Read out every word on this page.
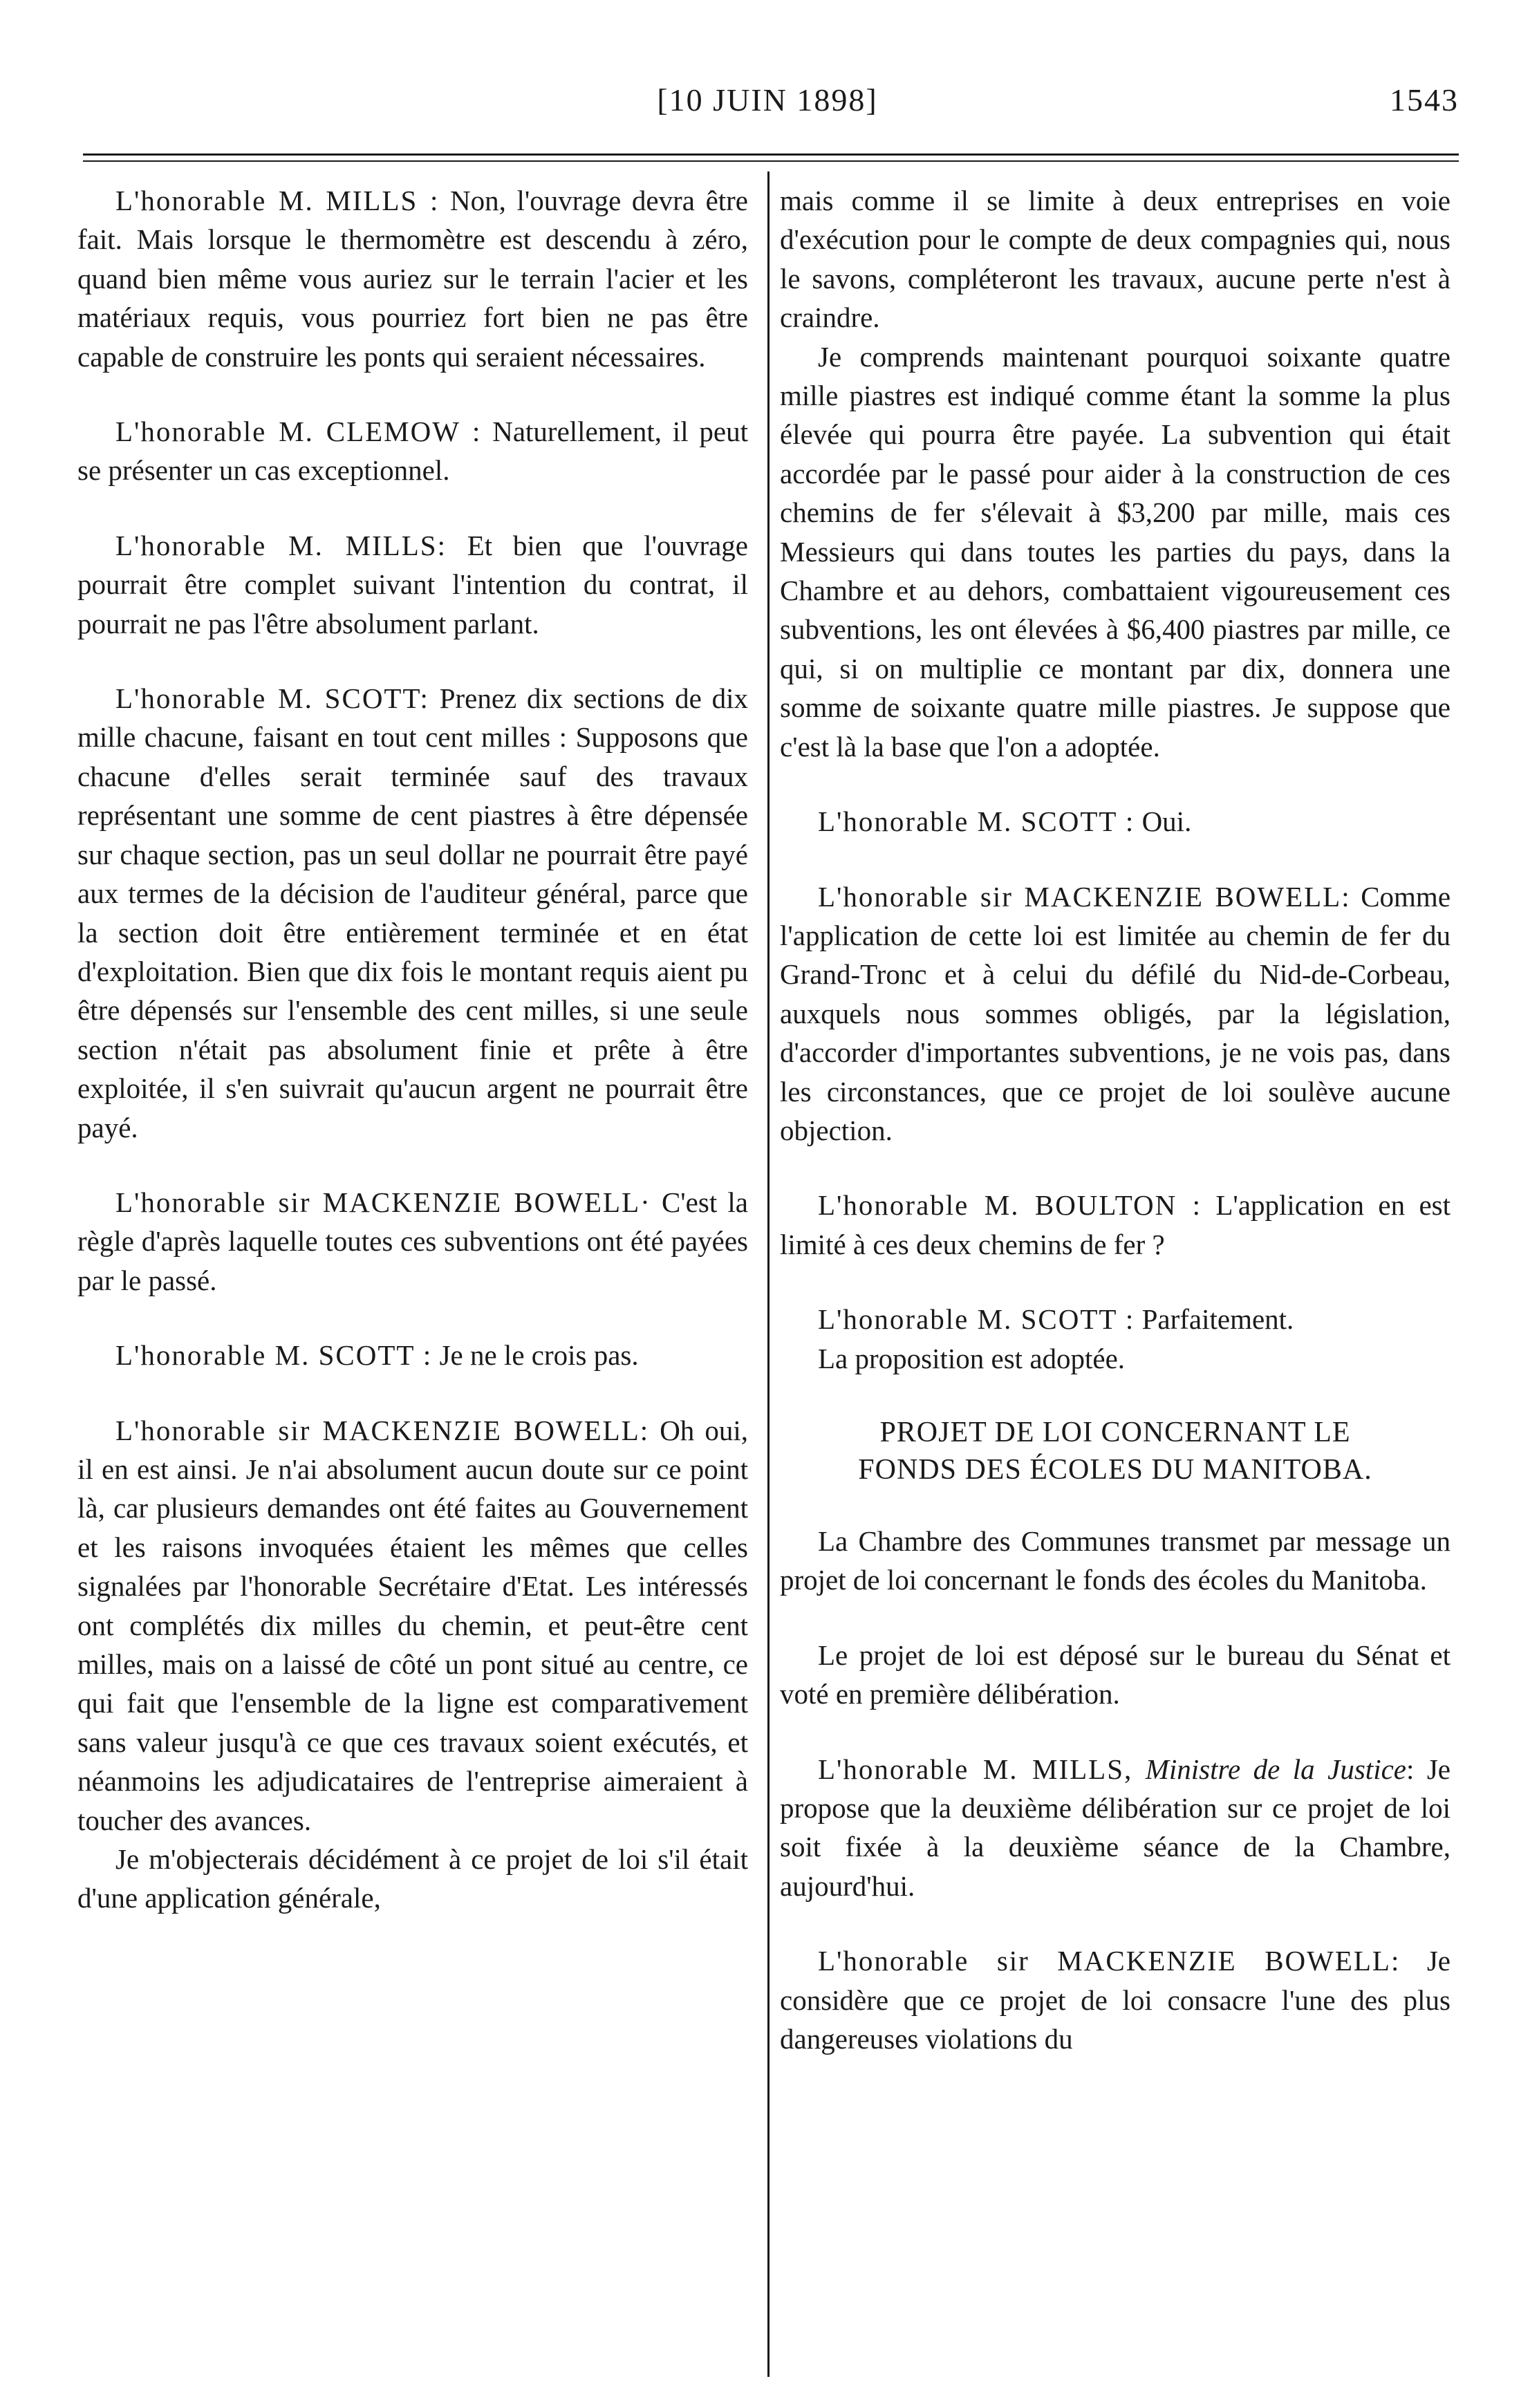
[10 JUIN 1898]	1543

L'honorable M. MILLS : Non, l'ouvrage devra être fait. Mais lorsque le thermomètre est descendu à zéro, quand bien même vous auriez sur le terrain l'acier et les matériaux requis, vous pourriez fort bien ne pas être capable de construire les ponts qui seraient nécessaires.

L'honorable M. CLEMOW : Naturellement, il peut se présenter un cas exceptionnel.

L'honorable M. MILLS: Et bien que l'ouvrage pourrait être complet suivant l'intention du contrat, il pourrait ne pas l'être absolument parlant.

L'honorable M. SCOTT: Prenez dix sections de dix mille chacune, faisant en tout cent milles : Supposons que chacune d'elles serait terminée sauf des travaux représentant une somme de cent piastres à être dépensée sur chaque section, pas un seul dollar ne pourrait être payé aux termes de la décision de l'auditeur général, parce que la section doit être entièrement terminée et en état d'exploitation. Bien que dix fois le montant requis aient pu être dépensés sur l'ensemble des cent milles, si une seule section n'était pas absolument finie et prête à être exploitée, il s'en suivrait qu'aucun argent ne pourrait être payé.

L'honorable sir MACKENZIE BOWELL· C'est la règle d'après laquelle toutes ces subventions ont été payées par le passé.

L'honorable M. SCOTT : Je ne le crois pas.

L'honorable sir MACKENZIE BOWELL: Oh oui, il en est ainsi. Je n'ai absolument aucun doute sur ce point là, car plusieurs demandes ont été faites au Gouvernement et les raisons invoquées étaient les mêmes que celles signalées par l'honorable Secrétaire d'Etat. Les intéressés ont complétés dix milles du chemin, et peut-être cent milles, mais on a laissé de côté un pont situé au centre, ce qui fait que l'ensemble de la ligne est comparativement sans valeur jusqu'à ce que ces travaux soient exécutés, et néanmoins les adjudicataires de l'entreprise aimeraient à toucher des avances.

Je m'objecterais décidément à ce projet de loi s'il était d'une application générale,

mais comme il se limite à deux entreprises en voie d'exécution pour le compte de deux compagnies qui, nous le savons, compléteront les travaux, aucune perte n'est à craindre.

Je comprends maintenant pourquoi soixante quatre mille piastres est indiqué comme étant la somme la plus élevée qui pourra être payée. La subvention qui était accordée par le passé pour aider à la construction de ces chemins de fer s'élevait à $3,200 par mille, mais ces Messieurs qui dans toutes les parties du pays, dans la Chambre et au dehors, combattaient vigoureusement ces subventions, les ont élevées à $6,400 piastres par mille, ce qui, si on multiplie ce montant par dix, donnera une somme de soixante quatre mille piastres. Je suppose que c'est là la base que l'on a adoptée.

L'honorable M. SCOTT : Oui.

L'honorable sir MACKENZIE BOWELL: Comme l'application de cette loi est limitée au chemin de fer du Grand-Tronc et à celui du défilé du Nid-de-Corbeau, auxquels nous sommes obligés, par la législation, d'accorder d'importantes subventions, je ne vois pas, dans les circonstances, que ce projet de loi soulève aucune objection.

L'honorable M. BOULTON : L'application en est limité à ces deux chemins de fer ?

L'honorable M. SCOTT : Parfaitement.

La proposition est adoptée.

PROJET DE LOI CONCERNANT LE
FONDS DES ÉCOLES DU MANITOBA.

La Chambre des Communes transmet par message un projet de loi concernant le fonds des écoles du Manitoba.

Le projet de loi est déposé sur le bureau du Sénat et voté en première délibération.

L'honorable M. MILLS, Ministre de la Justice: Je propose que la deuxième délibération sur ce projet de loi soit fixée à la deuxième séance de la Chambre, aujourd'hui.

L'honorable sir MACKENZIE BOWELL: Je considère que ce projet de loi consacre l'une des plus dangereuses violations du
